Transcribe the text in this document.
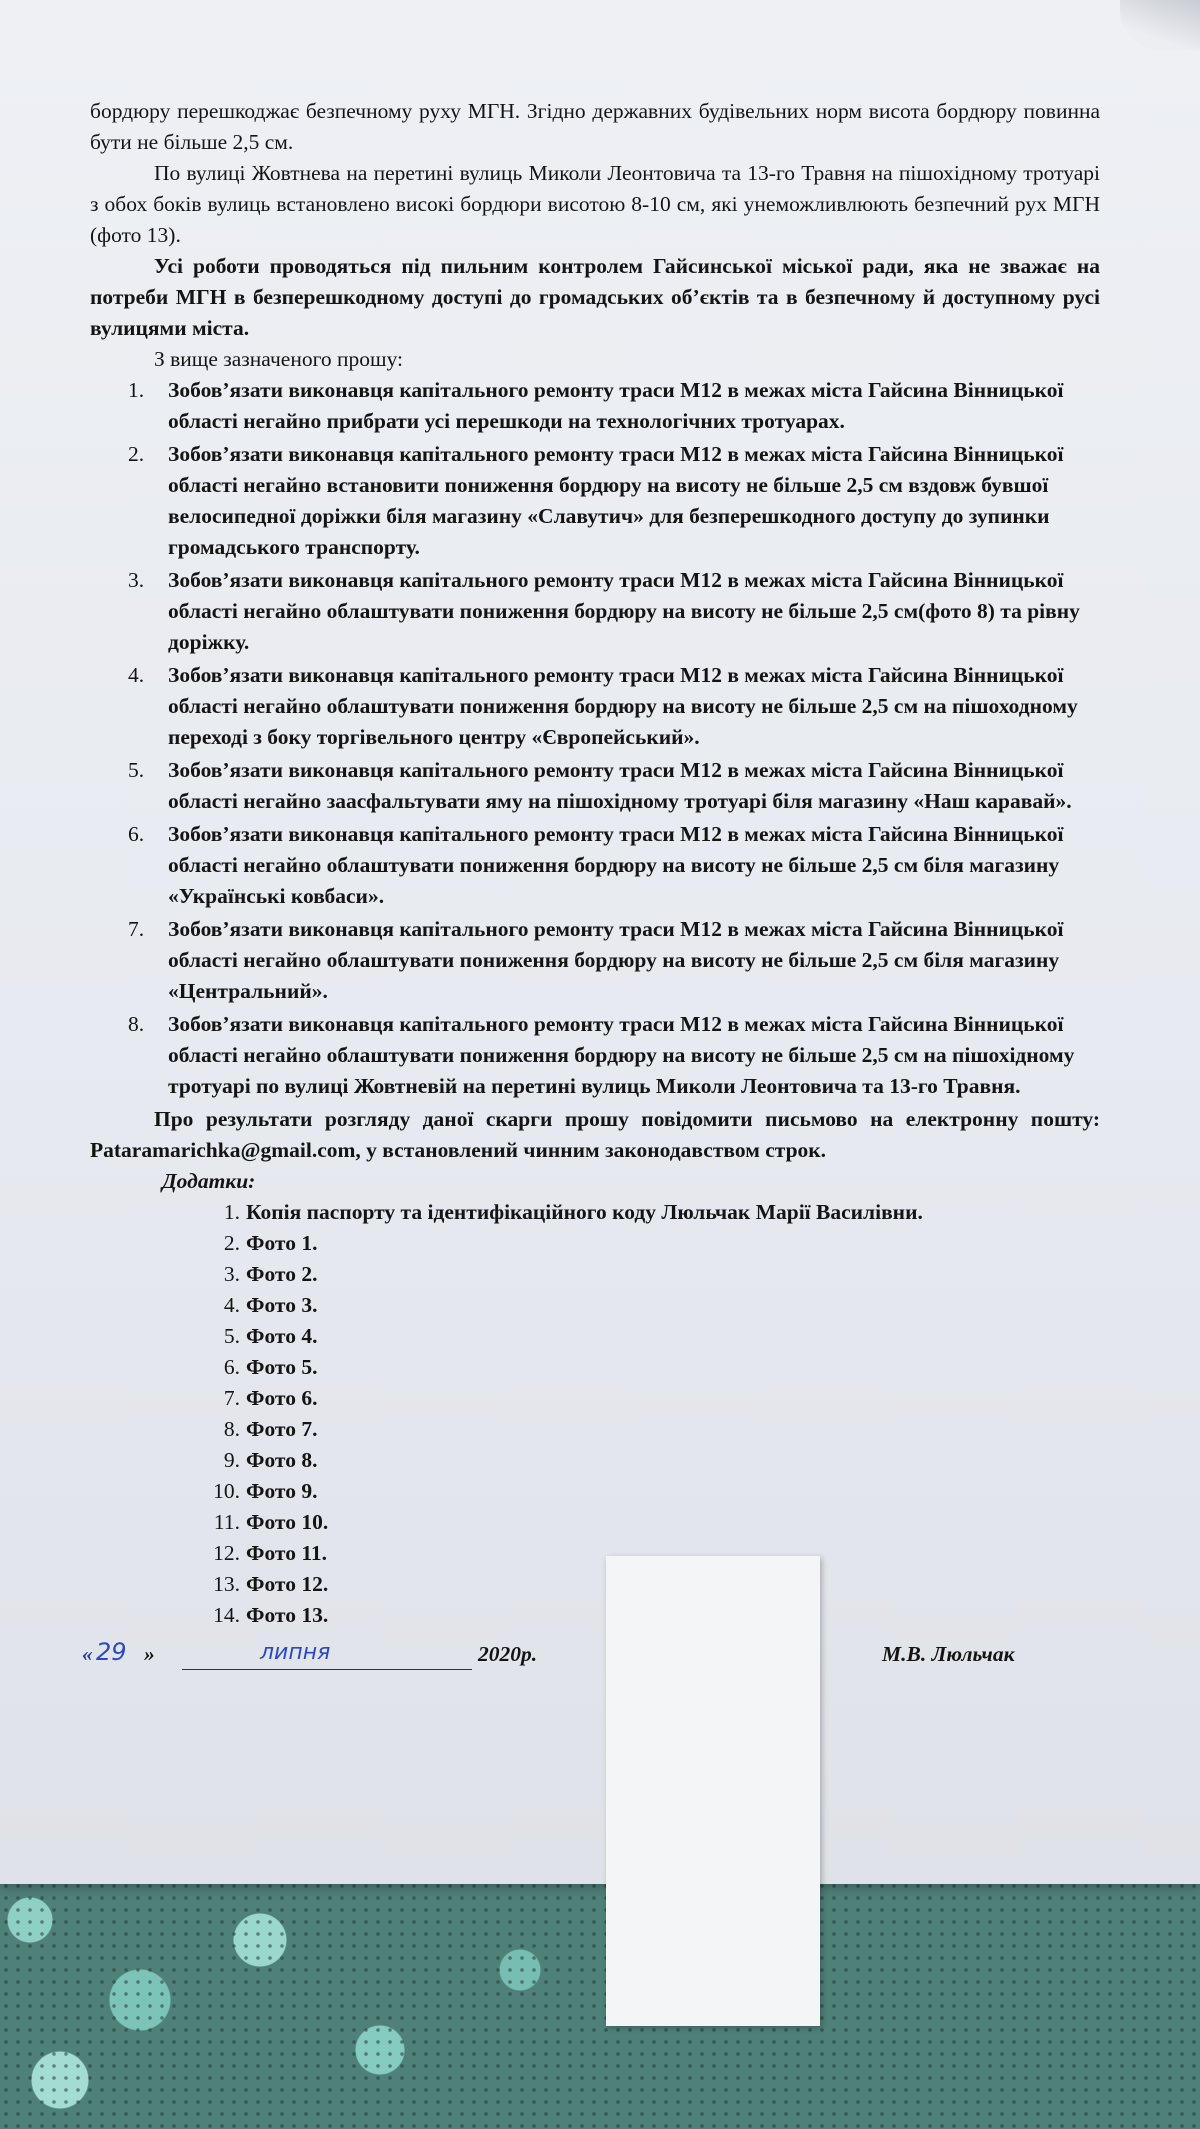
бордюру перешкоджає безпечному руху МГН. Згідно державних будівельних норм висота бордюру повинна бути не більше 2,5 см.

По вулиці Жовтнева на перетині вулиць Миколи Леонтовича та 13-го Травня на пішохідному тротуарі з обох боків вулиць встановлено високі бордюри висотою 8-10 см, які унеможливлюють безпечний рух МГН (фото 13).

Усі роботи проводяться під пильним контролем Гайсинської міської ради, яка не зважає на потреби МГН в безперешкодному доступі до громадських об’єктів та в безпечному й доступному русі вулицями міста.

З вище зазначеного прошу:

1. Зобов’язати виконавця капітального ремонту траси М12 в межах міста Гайсина Вінницької області негайно прибрати усі перешкоди на технологічних тротуарах.
2. Зобов’язати виконавця капітального ремонту траси М12 в межах міста Гайсина Вінницької області негайно встановити пониження бордюру на висоту не більше 2,5 см вздовж бувшої велосипедної доріжки біля магазину «Славутич» для безперешкодного доступу до зупинки громадського транспорту.
3. Зобов’язати виконавця капітального ремонту траси М12 в межах міста Гайсина Вінницької області негайно облаштувати пониження бордюру на висоту не більше 2,5 см(фото 8) та рівну доріжку.
4. Зобов’язати виконавця капітального ремонту траси М12 в межах міста Гайсина Вінницької області негайно облаштувати пониження бордюру на висоту не більше 2,5 см на пішоходному переході з боку торгівельного центру «Європейський».
5. Зобов’язати виконавця капітального ремонту траси М12 в межах міста Гайсина Вінницької області негайно заасфальтувати яму на пішохідному тротуарі біля магазину «Наш каравай».
6. Зобов’язати виконавця капітального ремонту траси М12 в межах міста Гайсина Вінницької області негайно облаштувати пониження бордюру на висоту не більше 2,5 см біля магазину «Українські ковбаси».
7. Зобов’язати виконавця капітального ремонту траси М12 в межах міста Гайсина Вінницької області негайно облаштувати пониження бордюру на висоту не більше 2,5 см біля магазину «Центральний».
8. Зобов’язати виконавця капітального ремонту траси М12 в межах міста Гайсина Вінницької області негайно облаштувати пониження бордюру на висоту не більше 2,5 см на пішохідному тротуарі по вулиці Жовтневій на перетині вулиць Миколи Леонтовича та 13-го Травня.

Про результати розгляду даної скарги прошу повідомити письмово на електронну пошту: Pataramarichka@gmail.com, у встановлений чинним законодавством строк.

Додатки:

1. Копія паспорту та ідентифікаційного коду Люльчак Марії Василівни.
2. Фото 1.
3. Фото 2.
4. Фото 3.
5. Фото 4.
6. Фото 5.
7. Фото 6.
8. Фото 7.
9. Фото 8.
10. Фото 9.
11. Фото 10.
12. Фото 11.
13. Фото 12.
14. Фото 13.
« 29 »	липня	2020р.	М.В. Люльчак
